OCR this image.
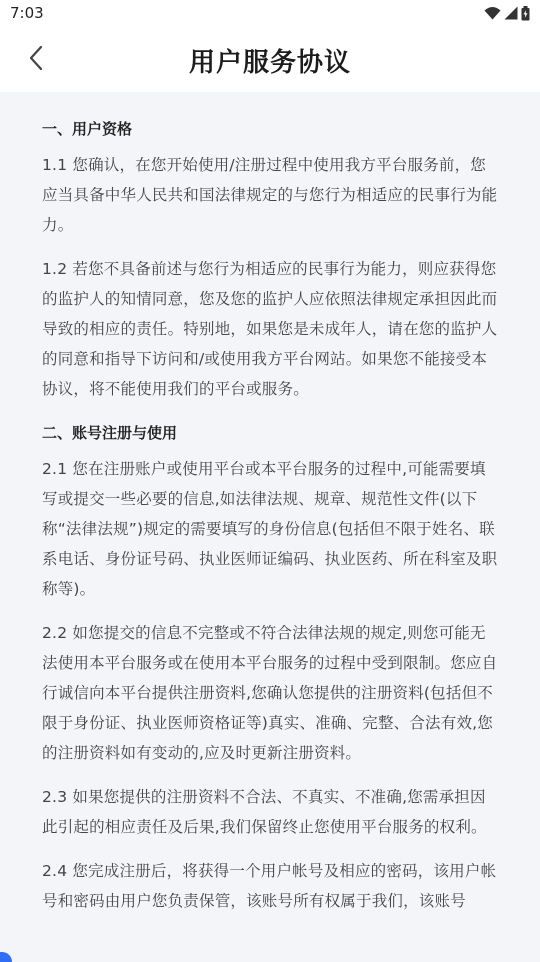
7:03
用户服务协议
一、用户资格

1.1 您确认，在您开始使用/注册过程中使用我方平台服务前，您应当具备中华人民共和国法律规定的与您行为相适应的民事行为能力。

1.2 若您不具备前述与您行为相适应的民事行为能力，则应获得您的监护人的知情同意，您及您的监护人应依照法律规定承担因此而导致的相应的责任。特别地，如果您是未成年人，请在您的监护人的同意和指导下访问和/或使用我方平台网站。如果您不能接受本协议，将不能使用我们的平台或服务。

二、账号注册与使用

2.1 您在注册账户或使用平台或本平台服务的过程中,可能需要填写或提交一些必要的信息,如法律法规、规章、规范性文件(以下称“法律法规”)规定的需要填写的身份信息(包括但不限于姓名、联系电话、身份证号码、执业医师证编码、执业医药、所在科室及职称等)。

2.2 如您提交的信息不完整或不符合法律法规的规定,则您可能无法使用本平台服务或在使用本平台服务的过程中受到限制。您应自行诚信向本平台提供注册资料,您确认您提供的注册资料(包括但不限于身份证、执业医师资格证等)真实、准确、完整、合法有效,您的注册资料如有变动的,应及时更新注册资料。

2.3 如果您提供的注册资料不合法、不真实、不准确,您需承担因此引起的相应责任及后果,我们保留终止您使用平台服务的权利。

2.4 您完成注册后，将获得一个用户帐号及相应的密码，该用户帐号和密码由用户您负责保管，该账号所有权属于我们，该账号
